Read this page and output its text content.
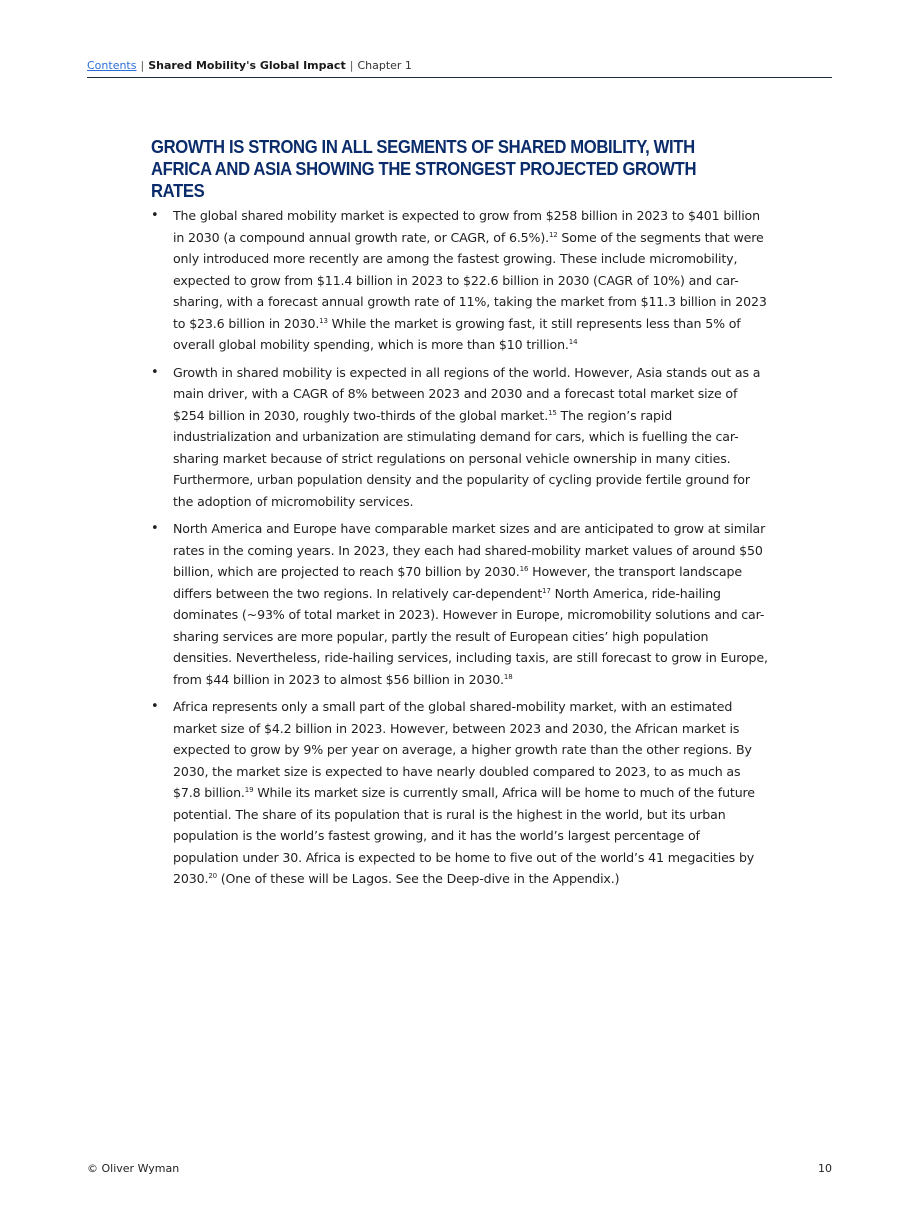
Contents | Shared Mobility's Global Impact | Chapter 1
GROWTH IS STRONG IN ALL SEGMENTS OF SHARED MOBILITY, WITH AFRICA AND ASIA SHOWING THE STRONGEST PROJECTED GROWTH RATES
• The global shared mobility market is expected to grow from $258 billion in 2023 to $401 billion in 2030 (a compound annual growth rate, or CAGR, of 6.5%).$^{12}$ Some of the segments that were only introduced more recently are among the fastest growing. These include micromobility, expected to grow from $11.4 billion in 2023 to $22.6 billion in 2030 (CAGR of 10%) and car-sharing, with a forecast annual growth rate of 11%, taking the market from $11.3 billion in 2023 to $23.6 billion in 2030.13 While the market is growing fast, it still represents less than 5% of overall global mobility spending, which is more than $10 trillion.$^{14}$
• Growth in shared mobility is expected in all regions of the world. However, Asia stands out as a main driver, with a CAGR of 8% between 2023 and 2030 and a forecast total market size of $254 billion in 2030, roughly two-thirds of the global market.$^{15}$ The region’s rapid industrialization and urbanization are stimulating demand for cars, which is fuelling the car-sharing market because of strict regulations on personal vehicle ownership in many cities. Furthermore, urban population density and the popularity of cycling provide fertile ground for the adoption of micromobility services.
• North America and Europe have comparable market sizes and are anticipated to grow at similar rates in the coming years. In 2023, they each had shared-mobility market values of around $50 billion, which are projected to reach $70 billion by 2030.16 However, the transport landscape differs between the two regions. In relatively car-dependent$^{17}$ North America, ride-hailing dominates (~93% of total market in 2023). However in Europe, micromobility solutions and car-sharing services are more popular, partly the result of European cities’ high population densities. Nevertheless, ride-hailing services, including taxis, are still forecast to grow in Europe, from $44 billion in 2023 to almost $56 billion in 2030.18
• Africa represents only a small part of the global shared-mobility market, with an estimated market size of $4.2 billion in 2023. However, between 2023 and 2030, the African market is expected to grow by 9% per year on average, a higher growth rate than the other regions. By 2030, the market size is expected to have nearly doubled compared to 2023, to as much as $7.8 billion.$^{19}$ While its market size is currently small, Africa will be home to much of the future potential. The share of its population that is rural is the highest in the world, but its urban population is the world’s fastest growing, and it has the world’s largest percentage of population under 30. Africa is expected to be home to five out of the world’s 41 megacities by 2030.20 (One of these will be Lagos. See the Deep-dive in the Appendix.)
© Oliver Wyman	10
